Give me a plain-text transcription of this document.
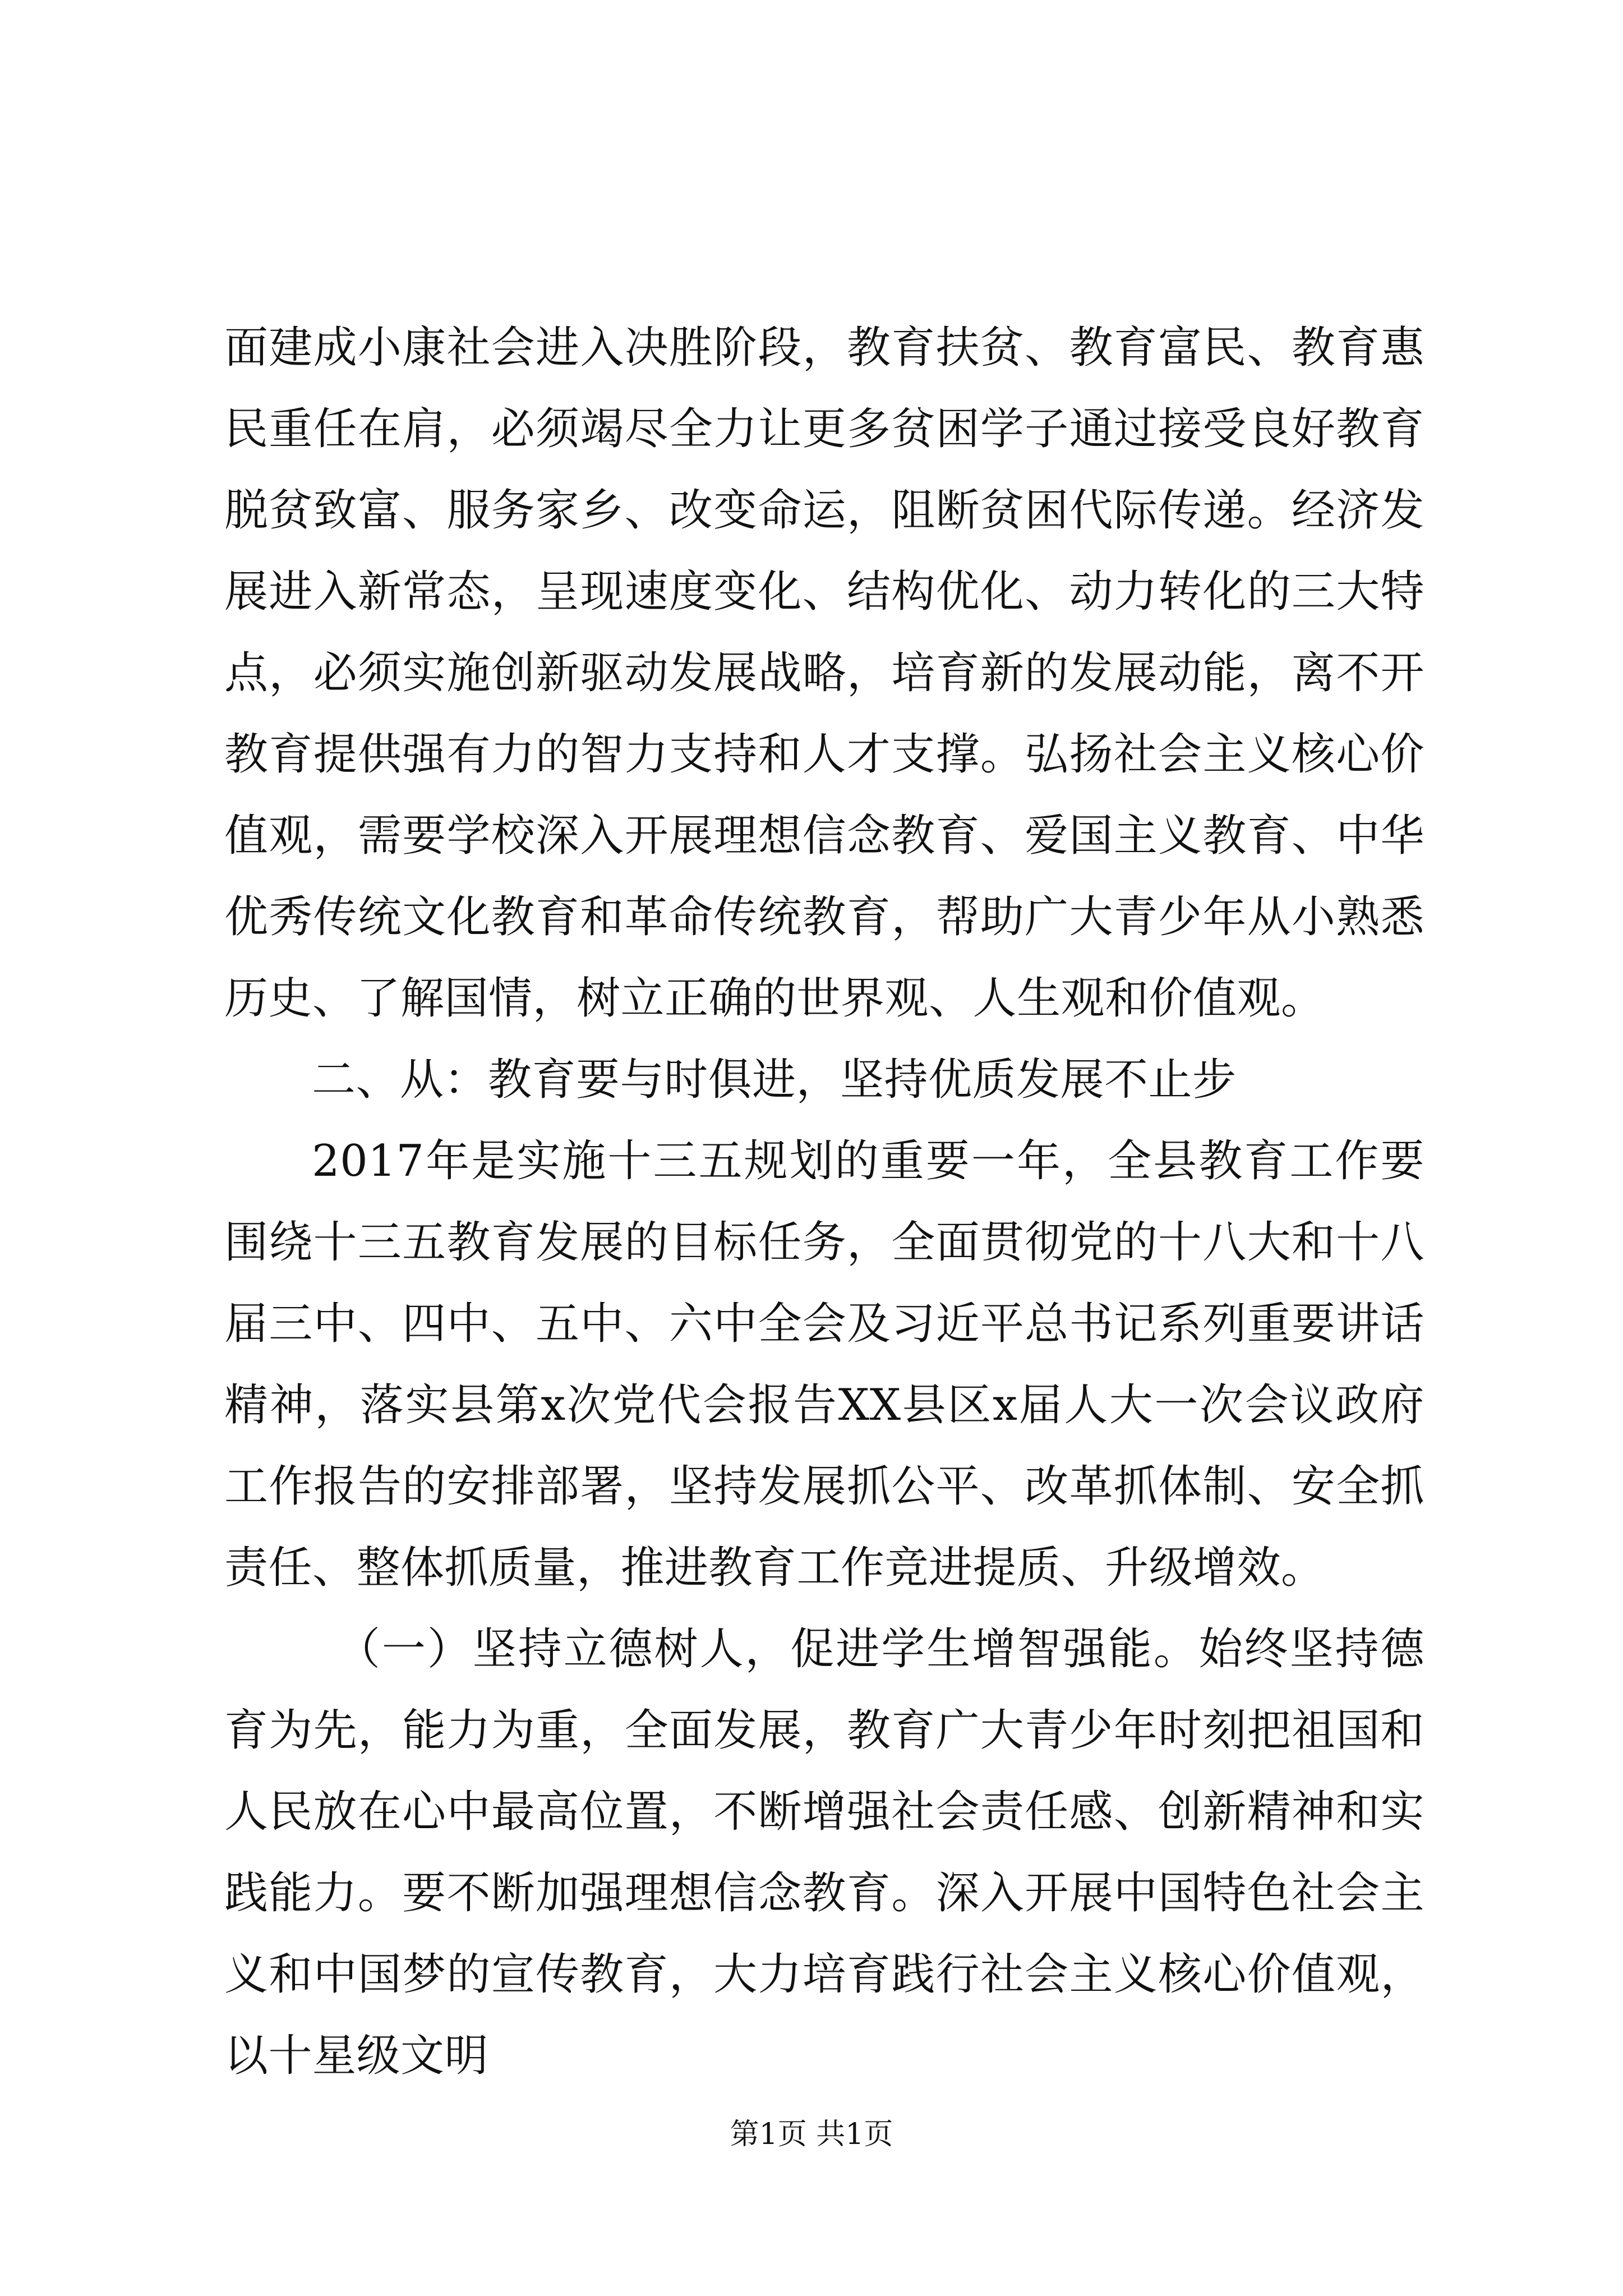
面建成小康社会进入决胜阶段，教育扶贫、教育富民、教育惠民重任在肩，必须竭尽全力让更多贫困学子通过接受良好教育脱贫致富、服务家乡、改变命运，阻断贫困代际传递。经济发展进入新常态，呈现速度变化、结构优化、动力转化的三大特点，必须实施创新驱动发展战略，培育新的发展动能，离不开教育提供强有力的智力支持和人才支撑。弘扬社会主义核心价值观，需要学校深入开展理想信念教育、爱国主义教育、中华优秀传统文化教育和革命传统教育，帮助广大青少年从小熟悉历史、了解国情，树立正确的世界观、人生观和价值观。

二、从：教育要与时俱进，坚持优质发展不止步

2017年是实施十三五规划的重要一年，全县教育工作要围绕十三五教育发展的目标任务，全面贯彻党的十八大和十八届三中、四中、五中、六中全会及习近平总书记系列重要讲话精神，落实县第x次党代会报告XX县区x届人大一次会议政府工作报告的安排部署，坚持发展抓公平、改革抓体制、安全抓责任、整体抓质量，推进教育工作竞进提质、升级增效。

（一）坚持立德树人，促进学生增智强能。始终坚持德育为先，能力为重，全面发展，教育广大青少年时刻把祖国和人民放在心中最高位置，不断增强社会责任感、创新精神和实践能力。要不断加强理想信念教育。深入开展中国特色社会主义和中国梦的宣传教育，大力培育践行社会主义核心价值观，以十星级文明

第1页 共1页
